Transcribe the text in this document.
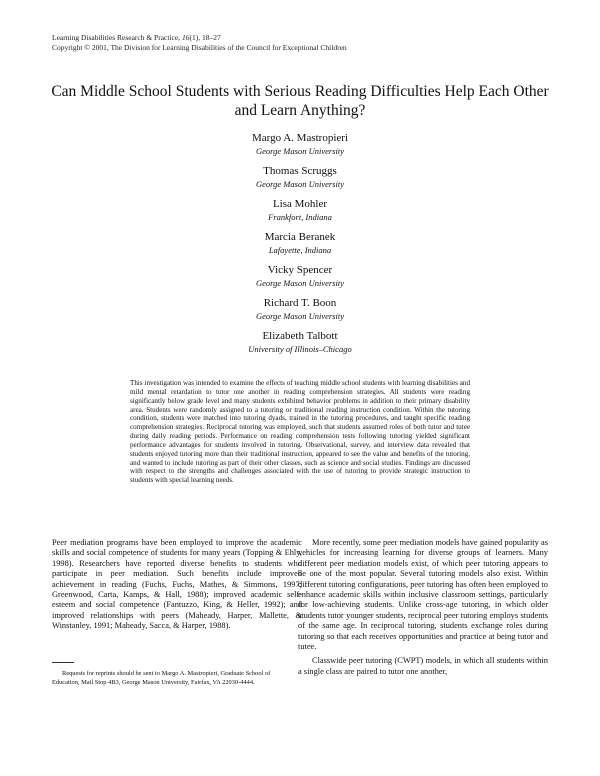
Learning Disabilities Research & Practice, 16(1), 18–27
Copyright © 2001, The Division for Learning Disabilities of the Council for Exceptional Children
Can Middle School Students with Serious Reading Difficulties Help Each Other and Learn Anything?
Margo A. Mastropieri
George Mason University
Thomas Scruggs
George Mason University
Lisa Mohler
Frankfort, Indiana
Marcia Beranek
Lafayette, Indiana
Vicky Spencer
George Mason University
Richard T. Boon
George Mason University
Elizabeth Talbott
University of Illinois–Chicago
This investigation was intended to examine the effects of teaching middle school students with learning disabilities and mild mental retardation to tutor one another in reading comprehension strategies. All students were reading significantly below grade level and many students exhibited behavior problems in addition to their primary disability area. Students were randomly assigned to a tutoring or traditional reading instruction condition. Within the tutoring condition, students were matched into tutoring dyads, trained in the tutoring procedures, and taught specific reading comprehension strategies. Reciprocal tutoring was employed, such that students assumed roles of both tutor and tutee during daily reading periods. Performance on reading comprehension tests following tutoring yielded significant performance advantages for students involved in tutoring. Observational, survey, and interview data revealed that students enjoyed tutoring more than their traditional instruction, appeared to see the value and benefits of the tutoring, and wanted to include tutoring as part of their other classes, such as science and social studies. Findings are discussed with respect to the strengths and challenges associated with the use of tutoring to provide strategic instruction to students with special learning needs.

Peer mediation programs have been employed to improve the academic skills and social competence of students for many years (Topping & Ehly, 1998). Researchers have reported diverse benefits to students who participate in peer mediation. Such benefits include improved achievement in reading (Fuchs, Fuchs, Mathes, & Simmons, 1997; Greenwood, Carta, Kamps, & Hall, 1988); improved academic self-esteem and social competence (Fantuzzo, King, & Heller, 1992); and improved relationships with peers (Maheady, Harper, Mallette, & Winstanley, 1991; Maheady, Sacca, & Harper, 1988).

More recently, some peer mediation models have gained popularity as vehicles for increasing learning for diverse groups of learners. Many different peer mediation models exist, of which peer tutoring appears to be one of the most popular. Several tutoring models also exist. Within different tutoring configurations, peer tutoring has often been employed to enhance academic skills within inclusive classroom settings, particularly for low-achieving students. Unlike cross-age tutoring, in which older students tutor younger students, reciprocal peer tutoring employs students of the same age. In reciprocal tutoring, students exchange roles during tutoring so that each receives opportunities and practice at being tutor and tutee.

Classwide peer tutoring (CWPT) models, in which all students within a single class are paired to tutor one another,

Requests for reprints should be sent to Margo A. Mastropieri, Graduate School of Education, Mail Stop 4B3, George Mason University, Fairfax, VA 22030-4444.
